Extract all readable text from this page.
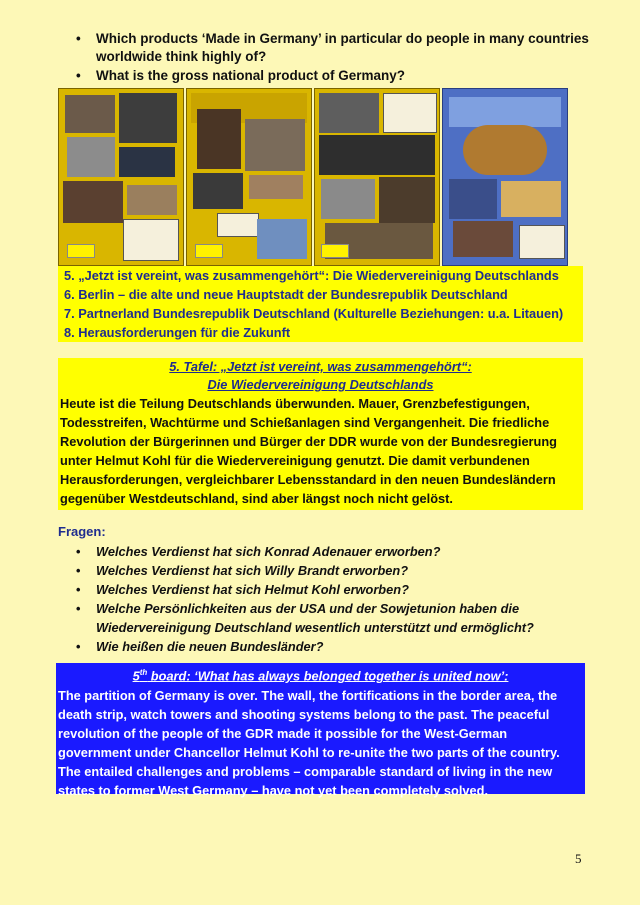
• Which products ‘Made in Germany’ in particular do people in many countries worldwide think highly of?
• What is the gross national product of Germany?
5. „Jetzt ist vereint, was zusammengehört“: Die Wiedervereinigung Deutschlands
6. Berlin – die alte und neue Hauptstadt der Bundesrepublik Deutschland
7. Partnerland Bundesrepublik Deutschland (Kulturelle Beziehungen: u.a. Litauen)
8. Herausforderungen für die Zukunft
5. Tafel: „Jetzt ist vereint, was zusammengehört“:
Die Wiedervereinigung Deutschlands
Heute ist die Teilung Deutschlands überwunden. Mauer, Grenzbefestigungen, Todesstreifen, Wachtürme und Schießanlagen sind Vergangenheit. Die friedliche Revolution der Bürgerinnen und Bürger der DDR wurde von der Bundesregierung unter Helmut Kohl für die Wiedervereinigung genutzt. Die damit verbundenen Herausforderungen, vergleichbarer Lebensstandard in den neuen Bundesländern gegenüber Westdeutschland, sind aber längst noch nicht gelöst.
Fragen:
• Welches Verdienst hat sich Konrad Adenauer erworben?
• Welches Verdienst hat sich Willy Brandt erworben?
• Welches Verdienst hat sich Helmut Kohl erworben?
• Welche Persönlichkeiten aus der USA und der Sowjetunion haben die Wiedervereinigung Deutschland wesentlich unterstützt und ermöglicht?
• Wie heißen die neuen Bundesländer?
5th board: ‘What has always belonged together is united now’:
The partition of Germany is over. The wall, the fortifications in the border area, the death strip, watch towers and shooting systems belong to the past. The peaceful revolution of the people of the GDR made it possible for the West-German government under Chancellor Helmut Kohl to re-unite the two parts of the country. The entailed challenges and problems – comparable standard of living in the new states to former West Germany – have not yet been completely solved.
5
